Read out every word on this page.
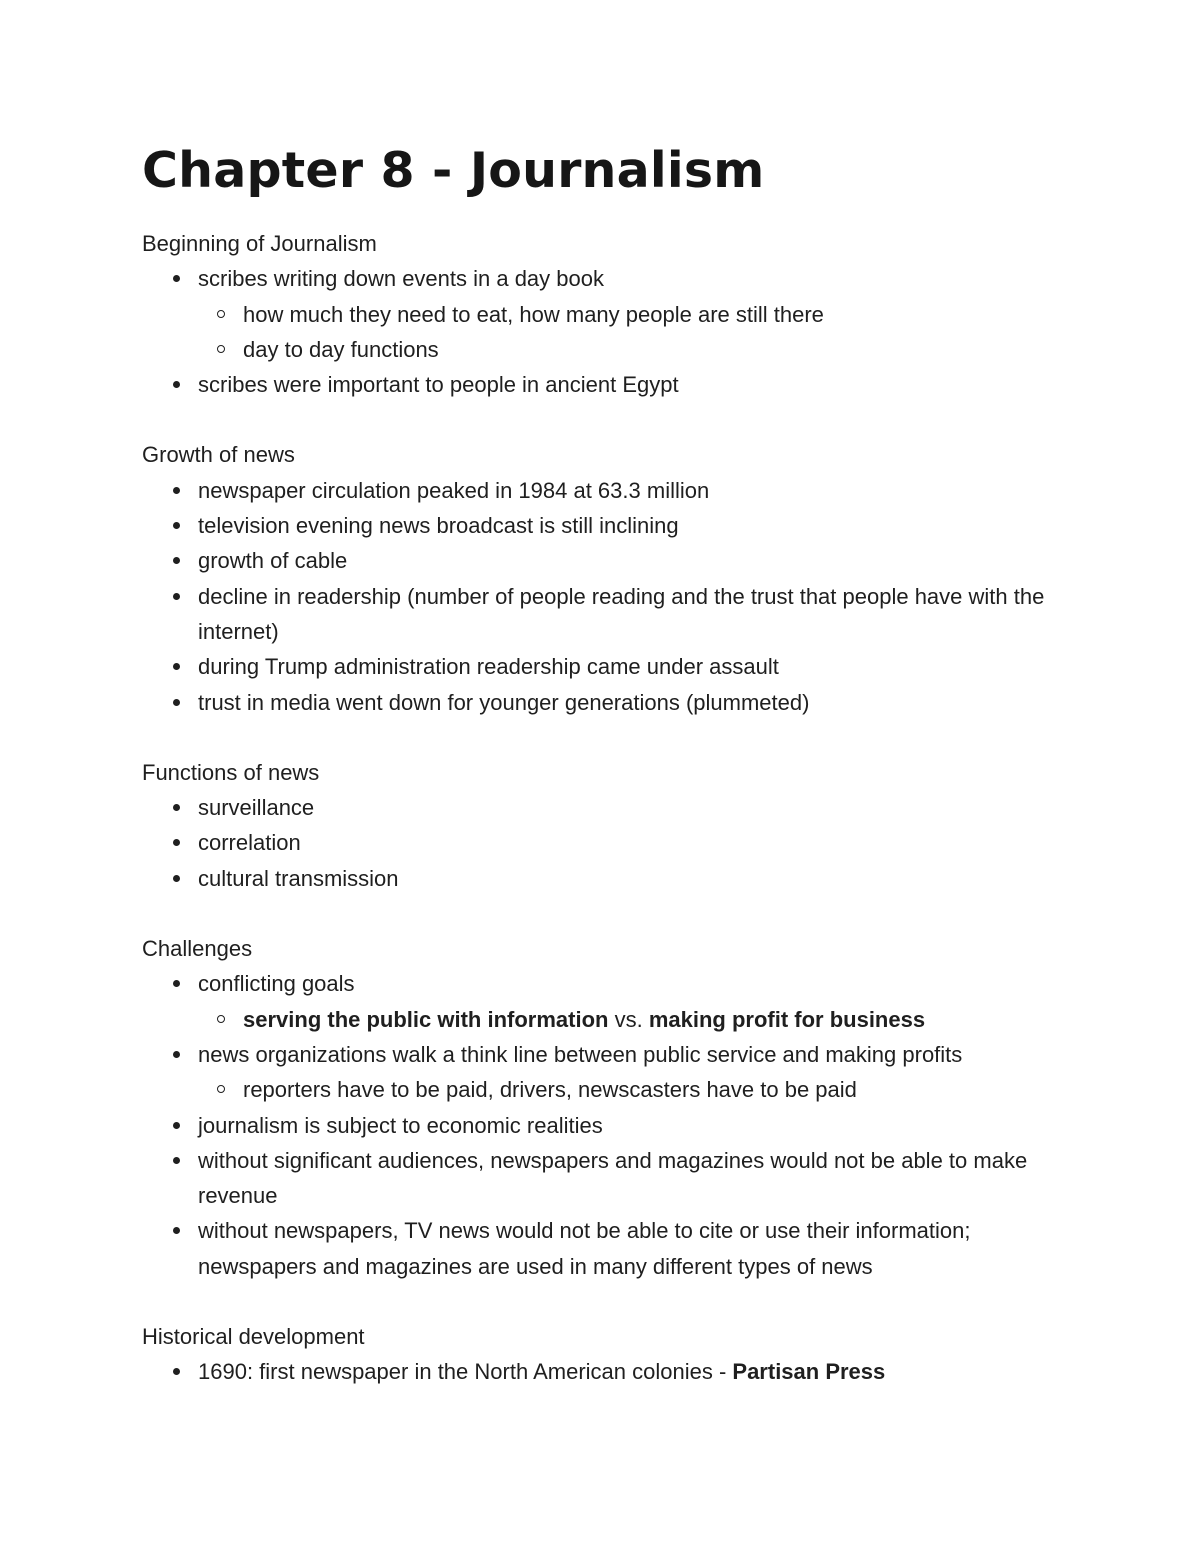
Chapter 8 - Journalism
Beginning of Journalism
scribes writing down events in a day book
how much they need to eat, how many people are still there
day to day functions
scribes were important to people in ancient Egypt
Growth of news
newspaper circulation peaked in 1984 at 63.3 million
television evening news broadcast is still inclining
growth of cable
decline in readership (number of people reading and the trust that people have with the internet)
during Trump administration readership came under assault
trust in media went down for younger generations (plummeted)
Functions of news
surveillance
correlation
cultural transmission
Challenges
conflicting goals
serving the public with information vs. making profit for business
news organizations walk a think line between public service and making profits
reporters have to be paid, drivers, newscasters have to be paid
journalism is subject to economic realities
without significant audiences, newspapers and magazines would not be able to make revenue
without newspapers, TV news would not be able to cite or use their information; newspapers and magazines are used in many different types of news
Historical development
1690: first newspaper in the North American colonies - Partisan Press
